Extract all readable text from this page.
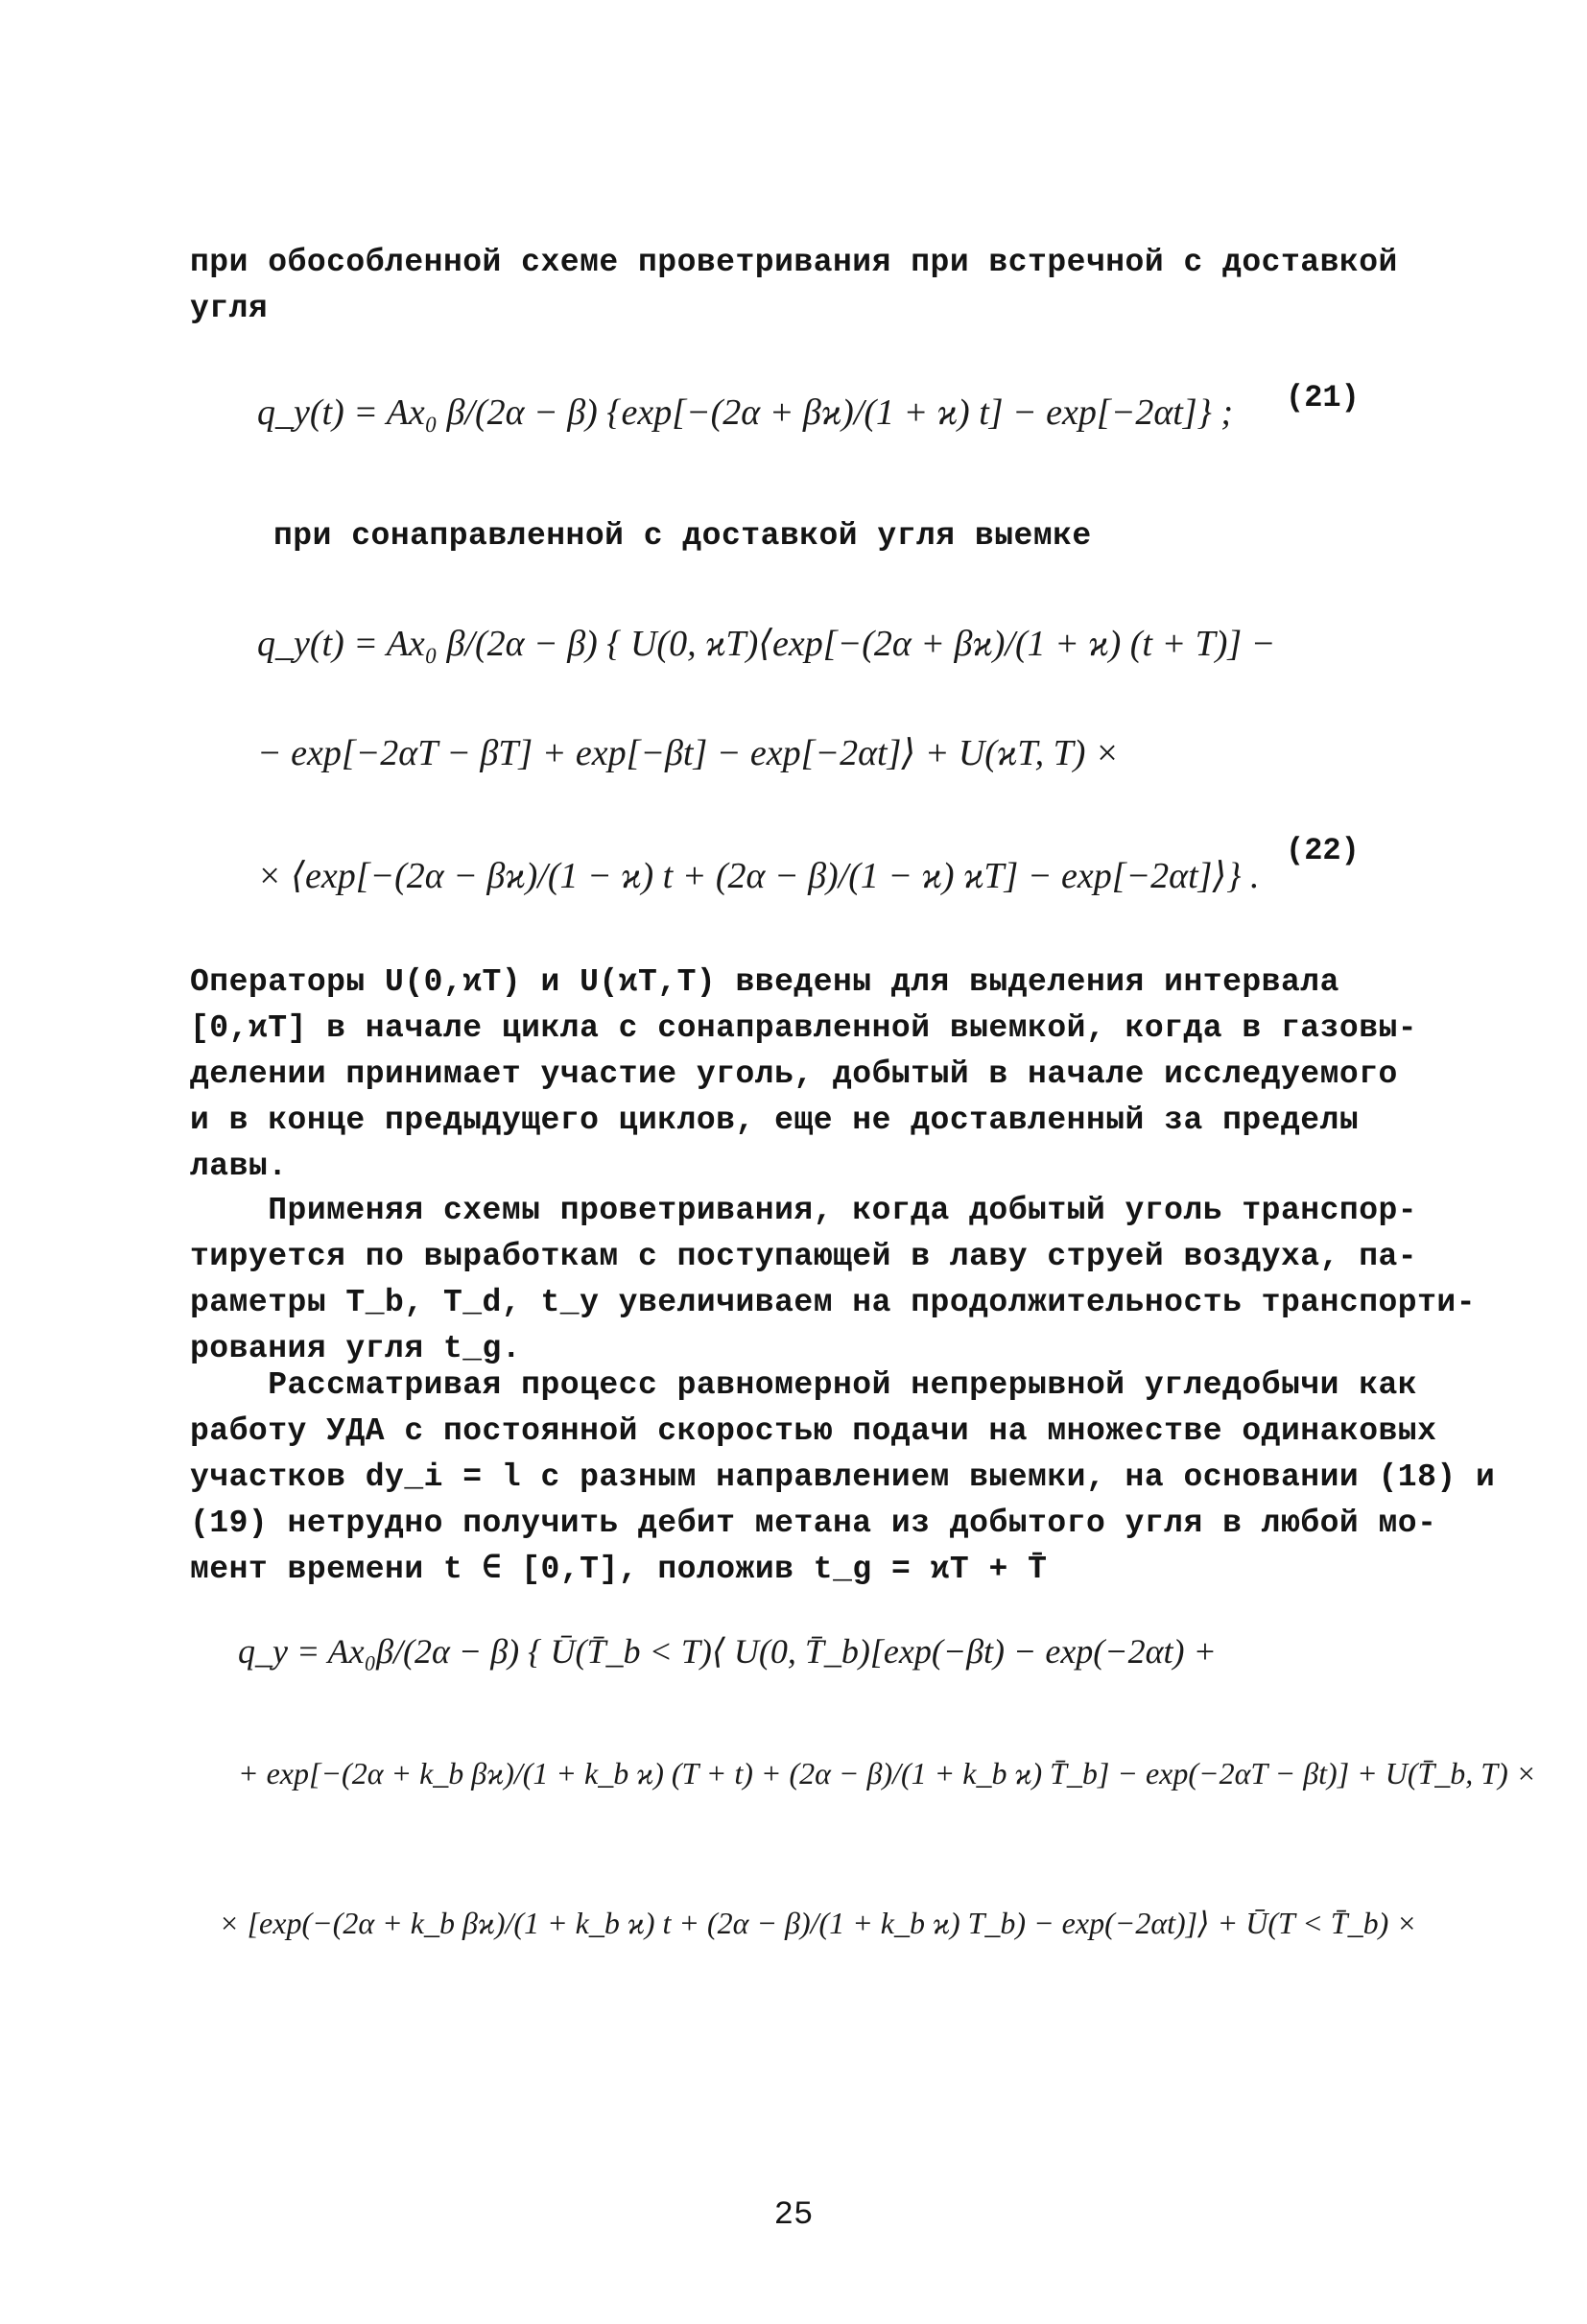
при обособленной схеме проветривания при встречной с доставкой
угля
q_y(t) = Ax₀ β/(2α − β) {exp[−(2α + βϰ)/(1 + ϰ) t] − exp[−2αt]} ; (21)
при сонаправленной с доставкой угля выемке
q_y(t) = Ax₀ β/(2α − β) { U(0, ϰT)⟨exp[−(2α + βϰ)/(1 + ϰ) (t + T)] −
− exp[−2αT − βT] + exp[−βt] − exp[−2αt]⟩ + U(ϰT, T) ×
× ⟨exp[−(2α − βϰ)/(1 − ϰ) t + (2α − β)/(1 − ϰ) ϰT] − exp[−2αt]⟩} .
(22)
Операторы U(0,ϰT) и U(ϰT,T) введены для выделения интервала
[0,ϰT] в начале цикла с сонаправленной выемкой, когда в газовы-
делении принимает участие уголь, добытый в начале исследуемого
и в конце предыдущего циклов, еще не доставленный за пределы
лавы.
Применяя схемы проветривания, когда добытый уголь транспор-
тируется по выработкам с поступающей в лаву струей воздуха, па-
раметры T_b, T_d, t_y увеличиваем на продолжительность транспорти-
рования угля t_g.
Рассматривая процесс равномерной непрерывной угледобычи как
работу УДА с постоянной скоростью подачи на множестве одинаковых
участков dy_i = l с разным направлением выемки, на основании (18) и
(19) нетрудно получить дебит метана из добытого угля в любой мо-
мент времени t ∈ [0,T], положив t_g = ϰT + T̄
q_y = Ax₀β/(2α − β) { Ū(T̄_b < T)⟨ U(0, T̄_b)[exp(−βt) − exp(−2αt) +
+ exp[−(2α + k_b βϰ)/(1 + k_b ϰ) (T + t) + (2α − β)/(1 + k_b ϰ) T̄_b] − exp(−2αT − βt)] + U(T̄_b, T) ×
× [exp(−(2α + k_b βϰ)/(1 + k_b ϰ) t + (2α − β)/(1 + k_b ϰ) T_b) − exp(−2αt)]⟩ + Ū(T < T̄_b) ×
25
